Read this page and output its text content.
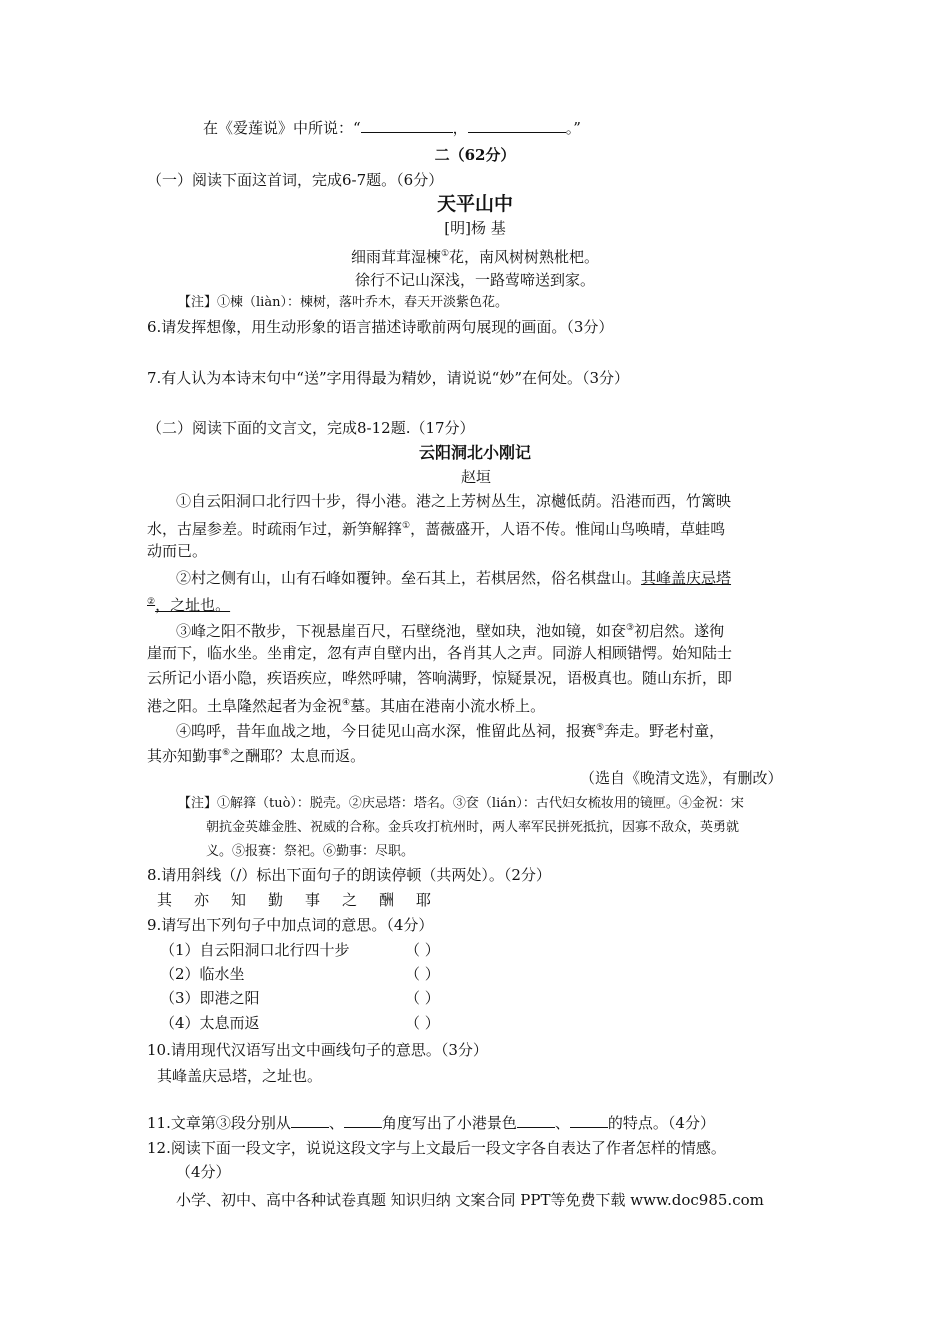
在《爱莲说》中所说：“	，	。”
二（62分）
（一）阅读下面这首词，完成6-7题。（6分）
天平山中
[明]杨 基
细雨茸茸湿楝①花，南风树树熟枇杷。
徐行不记山深浅，一路莺啼送到家。
【注】①楝（liàn）：楝树，落叶乔木，春天开淡紫色花。
6.请发挥想像，用生动形象的语言描述诗歌前两句展现的画面。（3分）
7.有人认为本诗末句中“送”字用得最为精妙，请说说“妙”在何处。（3分）
（二）阅读下面的文言文，完成8-12题.（17分）
云阳洞北小刚记
赵垣
①自云阳洞口北行四十步，得小港。港之上芳树丛生，凉樾低荫。沿港而西，竹篱映
水，古屋参差。时疏雨乍过，新笋解箨①，蔷薇盛开，人语不传。惟闻山鸟唤晴，草蛙鸣
动而已。
②村之侧有山，山有石峰如覆钟。垒石其上，若棋居然，俗名棋盘山。其峰盖庆忌塔
②，之址也。
③峰之阳不散步，下视悬崖百尺，石壁绕池，壁如玦，池如镜，如奁③初启然。遂徇
崖而下，临水坐。坐甫定，忽有声自壁内出，各肖其人之声。同游人相顾错愕。始知陆士
云所记小语小隐，疾语疾应，哗然呼啸，答响满野，惊疑景况，语极真也。随山东折，即
港之阳。土阜隆然起者为金祝④墓。其庙在港南小流水桥上。
④呜呼，昔年血战之地，今日徒见山高水深，惟留此丛祠，报赛⑤奔走。野老村童，
其亦知勤事⑥之酬耶？太息而返。
（选自《晚清文选》，有删改）
【注】①解箨（tuò）：脱壳。②庆忌塔：塔名。③奁（lián）：古代妇女梳妆用的镜匣。④金祝：宋
朝抗金英雄金胜、祝威的合称。金兵攻打杭州时，两人率军民拼死抵抗，因寡不敌众，英勇就
义。⑤报赛：祭祀。⑥勤事：尽职。
8.请用斜线（/）标出下面句子的朗读停顿（共两处）。（2分）
其亦知勤事之酬耶
9.请写出下列句子中加点词的意思。（4分）
（1）自云阳洞口北行四十步	（ ）
（2）临水坐	（ ）
（3）即港之阳	（ ）
（4）太息而返	（ ）
10.请用现代汉语写出文中画线句子的意思。（3分）
其峰盖庆忌塔，之址也。
11.文章第③段分别从	、	角度写出了小港景色	、	的特点。（4分）
12.阅读下面一段文字，说说这段文字与上文最后一段文字各自表达了作者怎样的情感。
（4分）
小学、初中、高中各种试卷真题 知识归纳 文案合同 PPT等免费下载 www.doc985.com
